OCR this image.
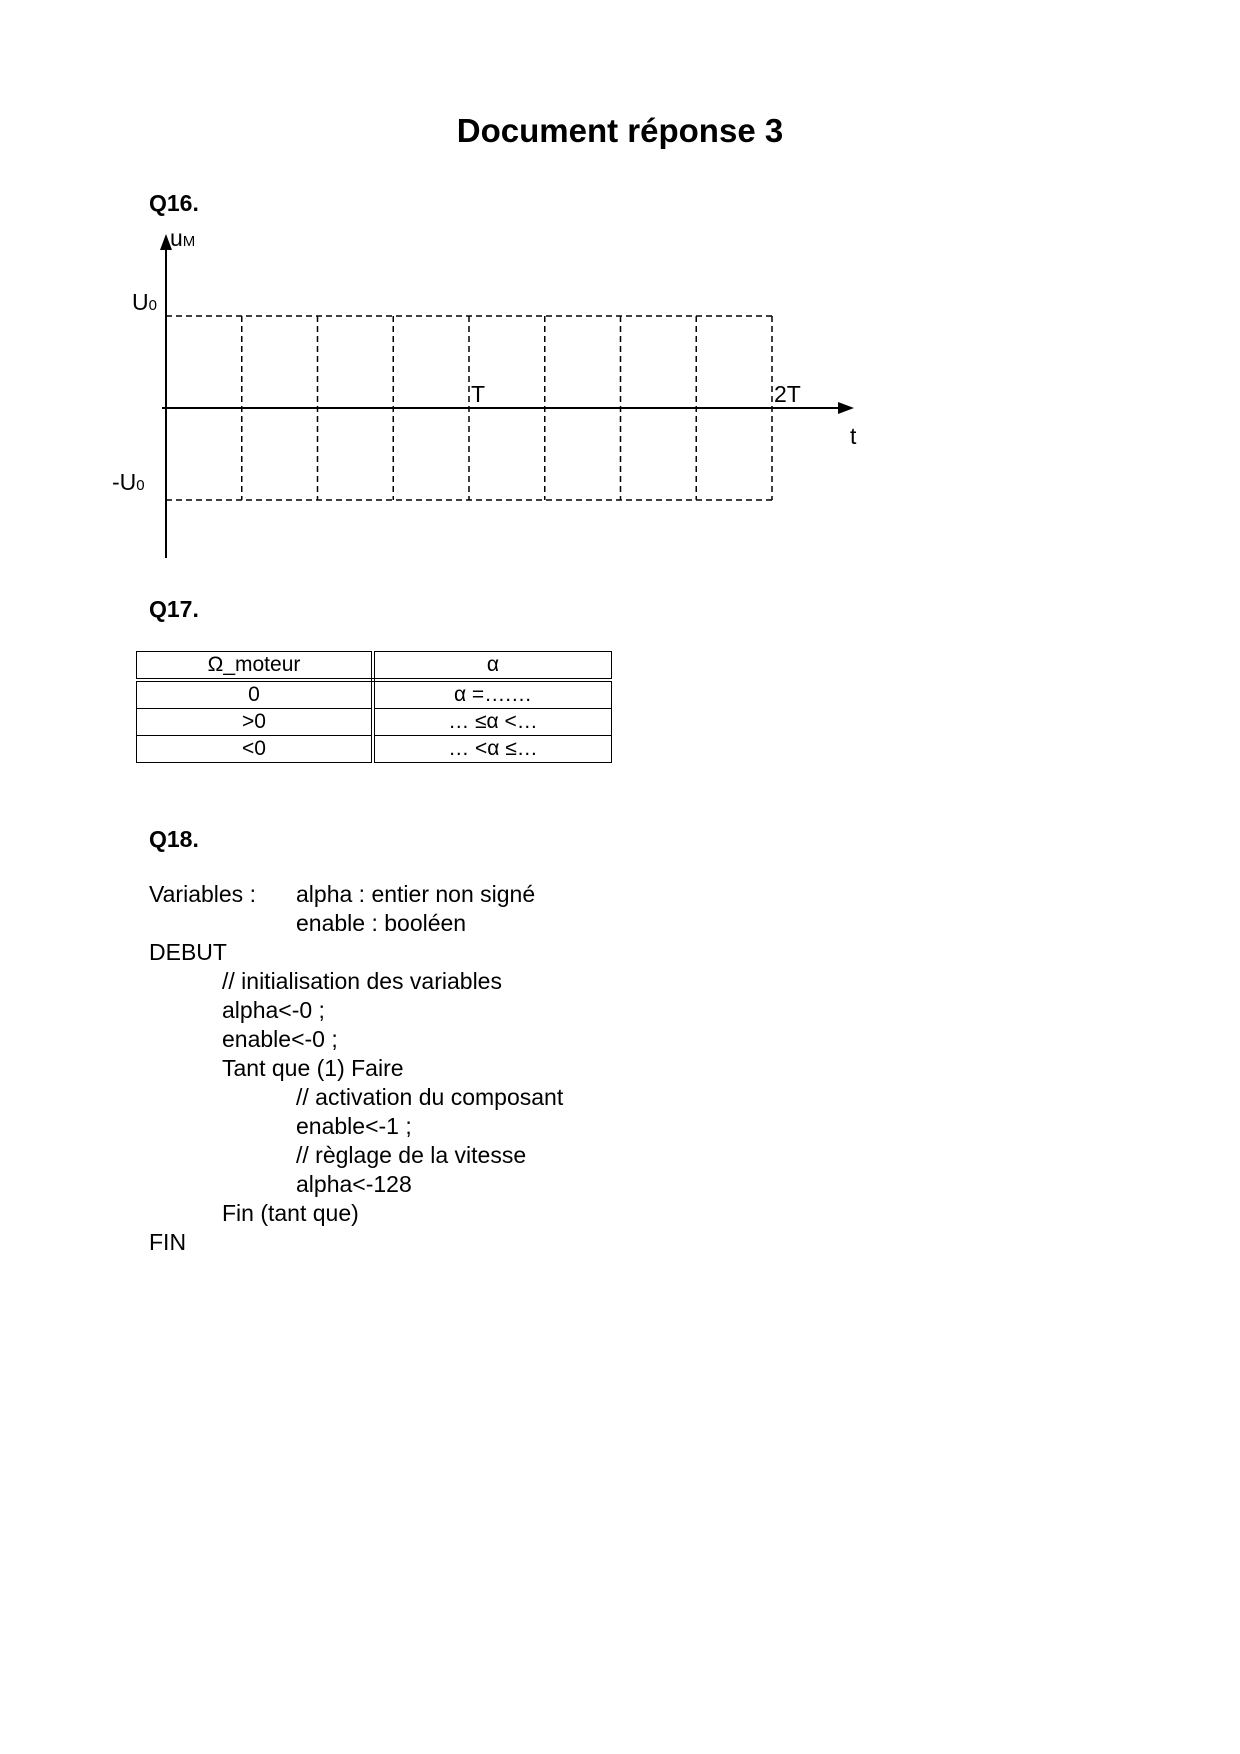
Document réponse 3
Q16.
uM
t
U0
-U0
T	2T
Q17.
Ω_moteur	α
0	α =….…
>0	… ≤α <…
<0	… <α ≤…
Q18.
Variables :	alpha : entier non signé
enable : booléen
DEBUT
// initialisation des variables
alpha<-0 ;
enable<-0 ;
Tant que (1) Faire
// activation du composant
enable<-1 ;
// règlage de la vitesse
alpha<-128
Fin (tant que)
FIN
